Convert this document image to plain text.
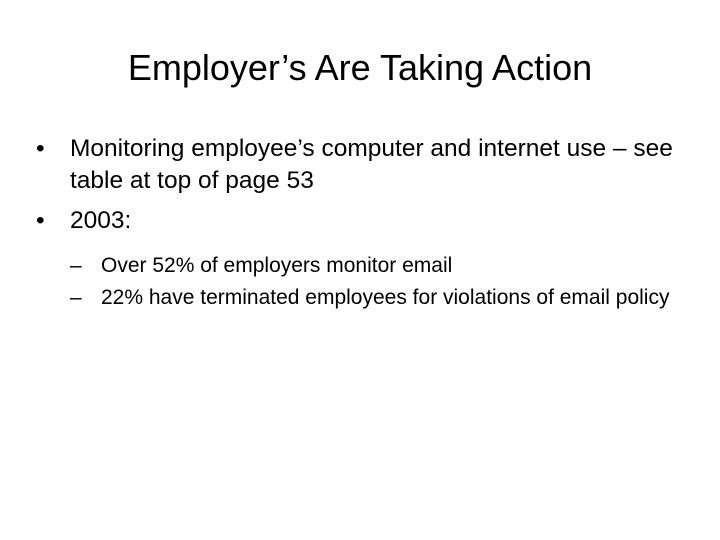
Employer’s Are Taking Action
•	Monitoring employee’s computer and internet use – see table at top of page 53
•	2003:
– Over 52% of employers monitor email
– 22% have terminated employees for violations of email policy
